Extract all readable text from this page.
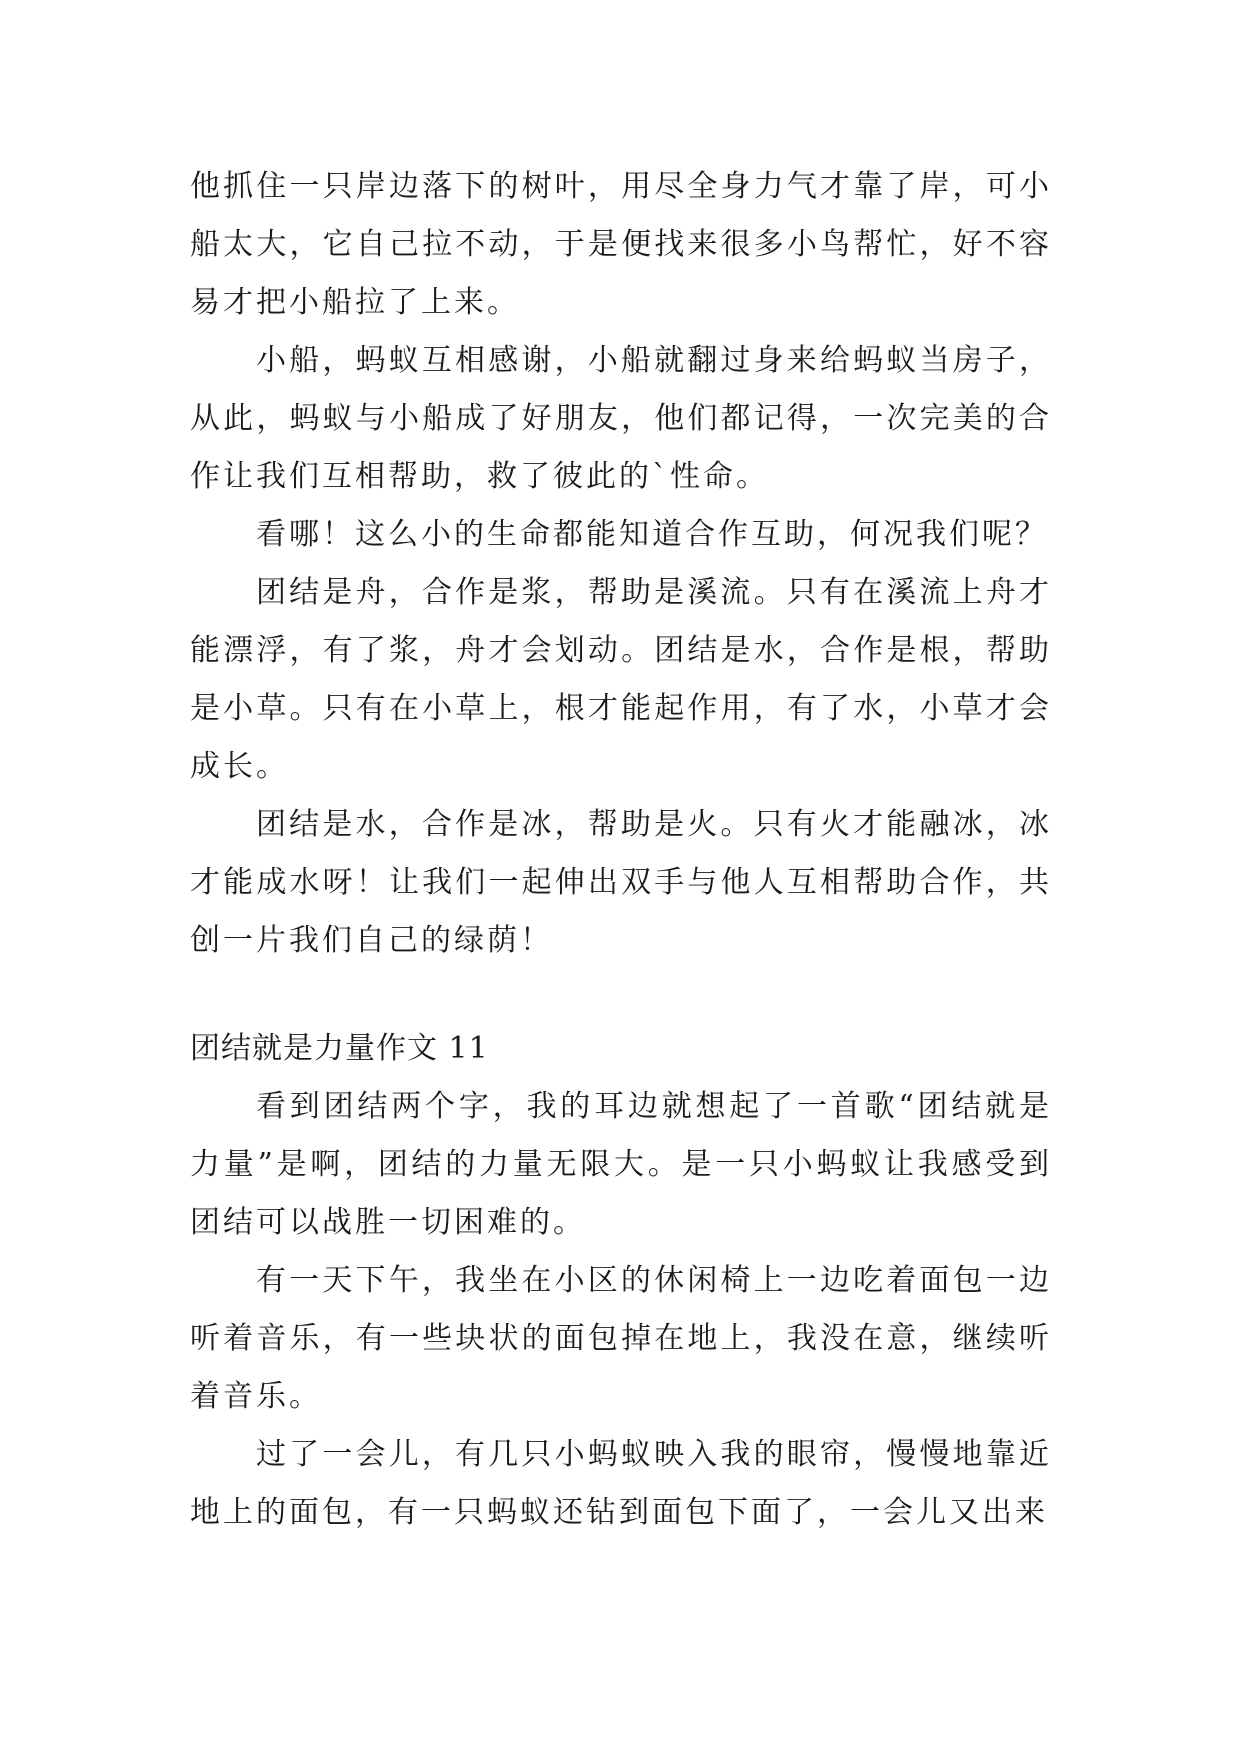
他抓住一只岸边落下的树叶，用尽全身力气才靠了岸，可小船太大，它自己拉不动，于是便找来很多小鸟帮忙，好不容易才把小船拉了上来。

小船，蚂蚁互相感谢，小船就翻过身来给蚂蚁当房子，从此，蚂蚁与小船成了好朋友，他们都记得，一次完美的合作让我们互相帮助，救了彼此的`性命。

看哪！这么小的生命都能知道合作互助，何况我们呢？

团结是舟，合作是浆，帮助是溪流。只有在溪流上舟才能漂浮，有了浆，舟才会划动。团结是水，合作是根，帮助是小草。只有在小草上，根才能起作用，有了水，小草才会成长。

团结是水，合作是冰，帮助是火。只有火才能融冰，冰才能成水呀！让我们一起伸出双手与他人互相帮助合作，共创一片我们自己的绿荫！

团结就是力量作文 11

看到团结两个字，我的耳边就想起了一首歌“团结就是力量”是啊，团结的力量无限大。是一只小蚂蚁让我感受到团结可以战胜一切困难的。

有一天下午，我坐在小区的休闲椅上一边吃着面包一边听着音乐，有一些块状的面包掉在地上，我没在意，继续听着音乐。

过了一会儿，有几只小蚂蚁映入我的眼帘，慢慢地靠近地上的面包，有一只蚂蚁还钻到面包下面了，一会儿又出来
